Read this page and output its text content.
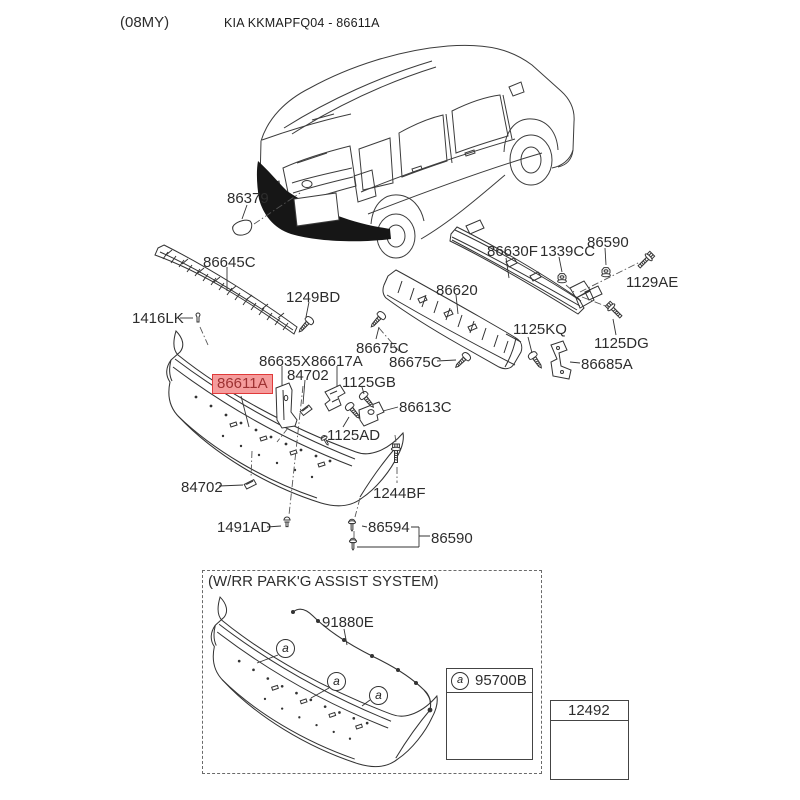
(08MY)	KIA KKMAPFQ04 - 86611A
86379
86645C
1249BD
1416LK
86611A
86635X 86617A
84702 1125GB
86675C
86675C
86620
86613C
1125AD
1244BF
84702
1491AD	86594
86590
86630F 1339CC
86590
1129AE
1125DG
1125KQ
86685A
(W/RR PARK'G ASSIST SYSTEM)
91880E
a
a
a
a 95700B
12492
